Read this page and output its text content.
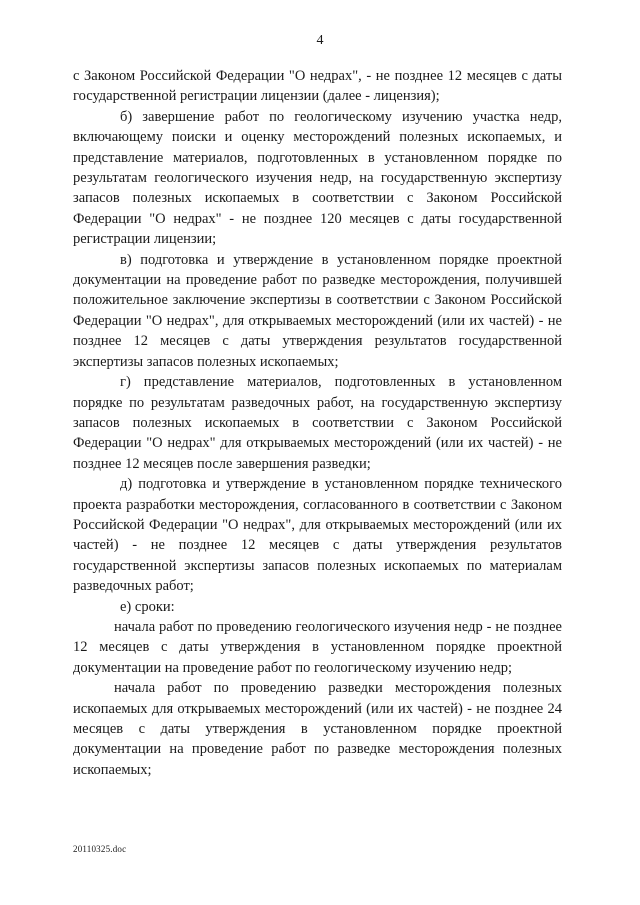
4

с Законом Российской Федерации "О недрах", - не позднее 12 месяцев с даты государственной регистрации лицензии (далее - лицензия);

б) завершение работ по геологическому изучению участка недр, включающему поиски и оценку месторождений полезных ископаемых, и представление материалов, подготовленных в установленном порядке по результатам геологического изучения недр, на государственную экспертизу запасов полезных ископаемых в соответствии с Законом Российской Федерации "О недрах" - не позднее 120 месяцев с даты государственной регистрации лицензии;

в) подготовка и утверждение в установленном порядке проектной документации на проведение работ по разведке месторождения, получившей положительное заключение экспертизы в соответствии с Законом Российской Федерации "О недрах", для открываемых месторождений (или их частей) - не позднее 12 месяцев с даты утверждения результатов государственной экспертизы запасов полезных ископаемых;

г) представление материалов, подготовленных в установленном порядке по результатам разведочных работ, на государственную экспертизу запасов полезных ископаемых в соответствии с Законом Российской Федерации "О недрах" для открываемых месторождений (или их частей) - не позднее 12 месяцев после завершения разведки;

д) подготовка и утверждение в установленном порядке технического проекта разработки месторождения, согласованного в соответствии с Законом Российской Федерации "О недрах", для открываемых месторождений (или их частей) - не позднее 12 месяцев с даты утверждения результатов государственной экспертизы запасов полезных ископаемых по материалам разведочных работ;

е) сроки:

начала работ по проведению геологического изучения недр - не позднее 12 месяцев с даты утверждения в установленном порядке проектной документации на проведение работ по геологическому изучению недр;

начала работ по проведению разведки месторождения полезных ископаемых для открываемых месторождений (или их частей) - не позднее 24 месяцев с даты утверждения в установленном порядке проектной документации на проведение работ по разведке месторождения полезных ископаемых;

20110325.doc
